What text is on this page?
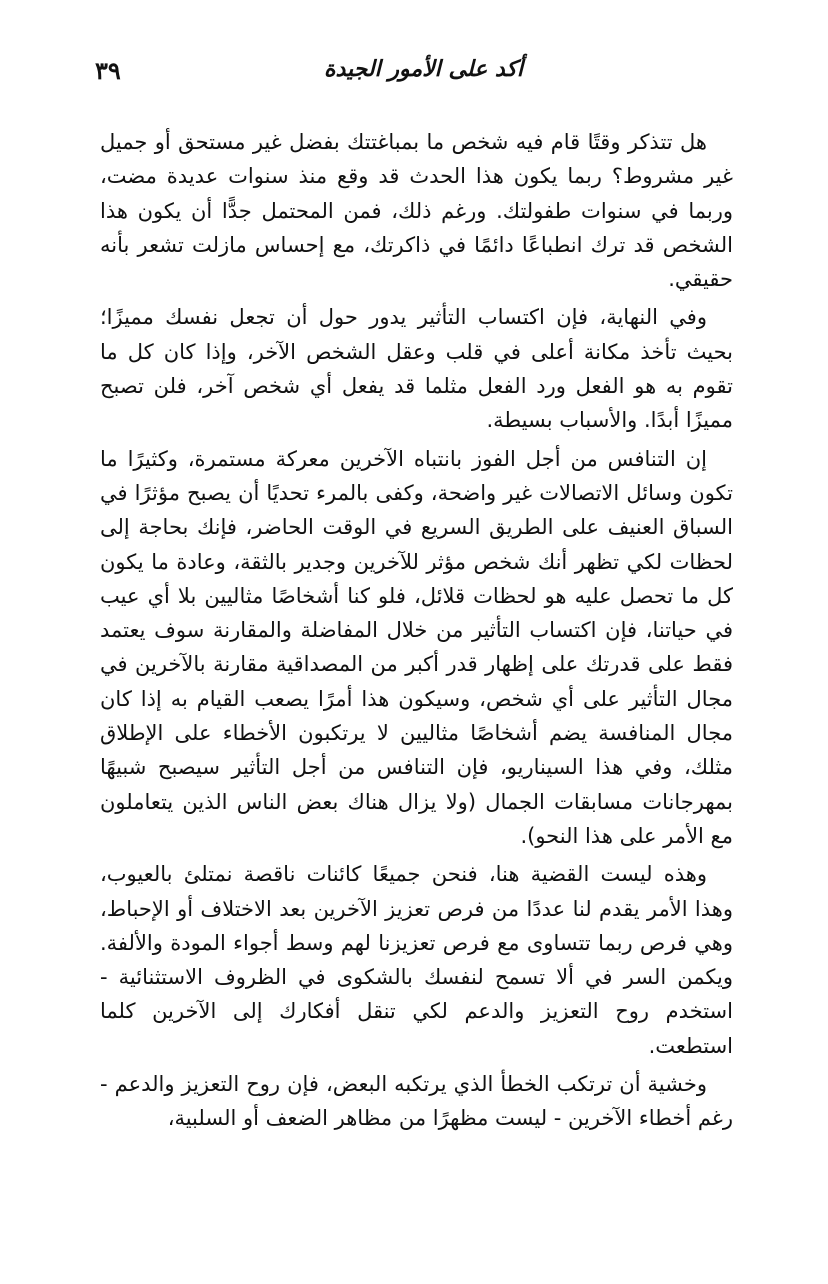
أكد على الأمور الجيدة
٣٩

هل تتذكر وقتًا قام فيه شخص ما بمباغتتك بفضل غير مستحق أو جميل غير مشروط؟ ربما يكون هذا الحدث قد وقع منذ سنوات عديدة مضت، وربما في سنوات طفولتك. ورغم ذلك، فمن المحتمل جدًّا أن يكون هذا الشخص قد ترك انطباعًا دائمًا في ذاكرتك، مع إحساس مازلت تشعر بأنه حقيقي.

وفي النهاية، فإن اكتساب التأثير يدور حول أن تجعل نفسك مميزًا؛ بحيث تأخذ مكانة أعلى في قلب وعقل الشخص الآخر، وإذا كان كل ما تقوم به هو الفعل ورد الفعل مثلما قد يفعل أي شخص آخر، فلن تصبح مميزًا أبدًا. والأسباب بسيطة.

إن التنافس من أجل الفوز بانتباه الآخرين معركة مستمرة، وكثيرًا ما تكون وسائل الاتصالات غير واضحة، وكفى بالمرء تحديًا أن يصبح مؤثرًا في السباق العنيف على الطريق السريع في الوقت الحاضر، فإنك بحاجة إلى لحظات لكي تظهر أنك شخص مؤثر للآخرين وجدير بالثقة، وعادة ما يكون كل ما تحصل عليه هو لحظات قلائل، فلو كنا أشخاصًا مثاليين بلا أي عيب في حياتنا، فإن اكتساب التأثير من خلال المفاضلة والمقارنة سوف يعتمد فقط على قدرتك على إظهار قدر أكبر من المصداقية مقارنة بالآخرين في مجال التأثير على أي شخص، وسيكون هذا أمرًا يصعب القيام به إذا كان مجال المنافسة يضم أشخاصًا مثاليين لا يرتكبون الأخطاء على الإطلاق مثلك، وفي هذا السيناريو، فإن التنافس من أجل التأثير سيصبح شبيهًا بمهرجانات مسابقات الجمال (ولا يزال هناك بعض الناس الذين يتعاملون مع الأمر على هذا النحو).

وهذه ليست القضية هنا، فنحن جميعًا كائنات ناقصة نمتلئ بالعيوب، وهذا الأمر يقدم لنا عددًا من فرص تعزيز الآخرين بعد الاختلاف أو الإحباط، وهي فرص ربما تتساوى مع فرص تعزيزنا لهم وسط أجواء المودة والألفة. ويكمن السر في ألا تسمح لنفسك بالشكوى في الظروف الاستثنائية - استخدم روح التعزيز والدعم لكي تنقل أفكارك إلى الآخرين كلما استطعت.

وخشية أن ترتكب الخطأ الذي يرتكبه البعض، فإن روح التعزيز والدعم - رغم أخطاء الآخرين - ليست مظهرًا من مظاهر الضعف أو السلبية،
